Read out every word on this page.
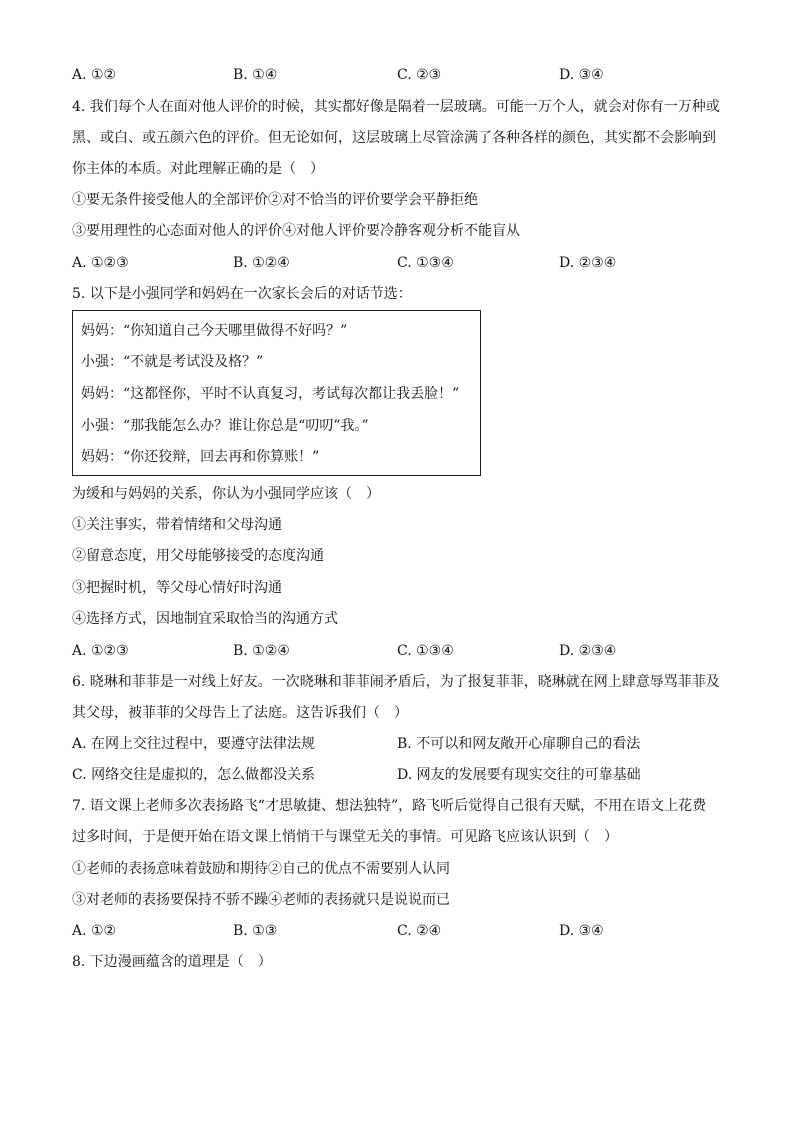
A. ①②	B. ①④	C. ②③	D. ③④
4. 我们每个人在面对他人评价的时候，其实都好像是隔着一层玻璃。可能一万个人，就会对你有一万种或
黑、或白、或五颜六色的评价。但无论如何，这层玻璃上尽管涂满了各种各样的颜色，其实都不会影响到
你主体的本质。对此理解正确的是（　）
①要无条件接受他人的全部评价②对不恰当的评价要学会平静拒绝
③要用理性的心态面对他人的评价④对他人评价要冷静客观分析不能盲从
A. ①②③	B. ①②④	C. ①③④	D. ②③④
5. 以下是小强同学和妈妈在一次家长会后的对话节选：
妈妈：“你知道自己今天哪里做得不好吗？”
小强：“不就是考试没及格？”
妈妈：“这都怪你，平时不认真复习，考试每次都让我丢脸！”
小强：“那我能怎么办？谁让你总是“叨叨”我。”
妈妈：“你还狡辩，回去再和你算账！”
为缓和与妈妈的关系，你认为小强同学应该（　）
①关注事实，带着情绪和父母沟通
②留意态度，用父母能够接受的态度沟通
③把握时机，等父母心情好时沟通
④选择方式，因地制宜采取恰当的沟通方式
A. ①②③	B. ①②④	C. ①③④	D. ②③④
6. 晓琳和菲菲是一对线上好友。一次晓琳和菲菲闹矛盾后，为了报复菲菲，晓琳就在网上肆意辱骂菲菲及
其父母，被菲菲的父母告上了法庭。这告诉我们（　）
A. 在网上交往过程中，要遵守法律法规	B. 不可以和网友敞开心扉聊自己的看法
C. 网络交往是虚拟的，怎么做都没关系	D. 网友的发展要有现实交往的可靠基础
7. 语文课上老师多次表扬路飞“才思敏捷、想法独特”，路飞听后觉得自己很有天赋，不用在语文上花费
过多时间，于是便开始在语文课上悄悄干与课堂无关的事情。可见路飞应该认识到（　）
①老师的表扬意味着鼓励和期待②自己的优点不需要别人认同
③对老师的表扬要保持不骄不躁④老师的表扬就只是说说而已
A. ①②	B. ①③	C. ②④	D. ③④
8. 下边漫画蕴含的道理是（　）
